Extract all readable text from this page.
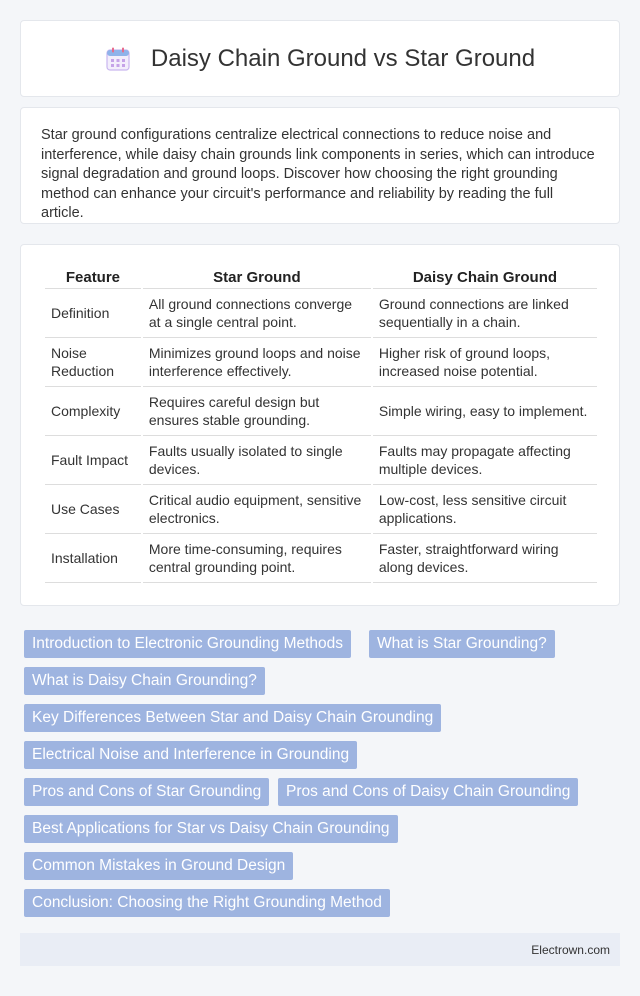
Daisy Chain Ground vs Star Ground

Star ground configurations centralize electrical connections to reduce noise and interference, while daisy chain grounds link components in series, which can introduce signal degradation and ground loops. Discover how choosing the right grounding method can enhance your circuit's performance and reliability by reading the full article.

Feature	Star Ground	Daisy Chain Ground
Definition	All ground connections converge at a single central point.	Ground connections are linked sequentially in a chain.
Noise Reduction	Minimizes ground loops and noise interference effectively.	Higher risk of ground loops, increased noise potential.
Complexity	Requires careful design but ensures stable grounding.	Simple wiring, easy to implement.
Fault Impact	Faults usually isolated to single devices.	Faults may propagate affecting multiple devices.
Use Cases	Critical audio equipment, sensitive electronics.	Low-cost, less sensitive circuit applications.
Installation	More time-consuming, requires central grounding point.	Faster, straightforward wiring along devices.
Introduction to Electronic Grounding Methods	What is Star Grounding?
What is Daisy Chain Grounding?
Key Differences Between Star and Daisy Chain Grounding
Electrical Noise and Interference in Grounding
Pros and Cons of Star Grounding	Pros and Cons of Daisy Chain Grounding
Best Applications for Star vs Daisy Chain Grounding
Common Mistakes in Ground Design
Conclusion: Choosing the Right Grounding Method
Electrown.com
